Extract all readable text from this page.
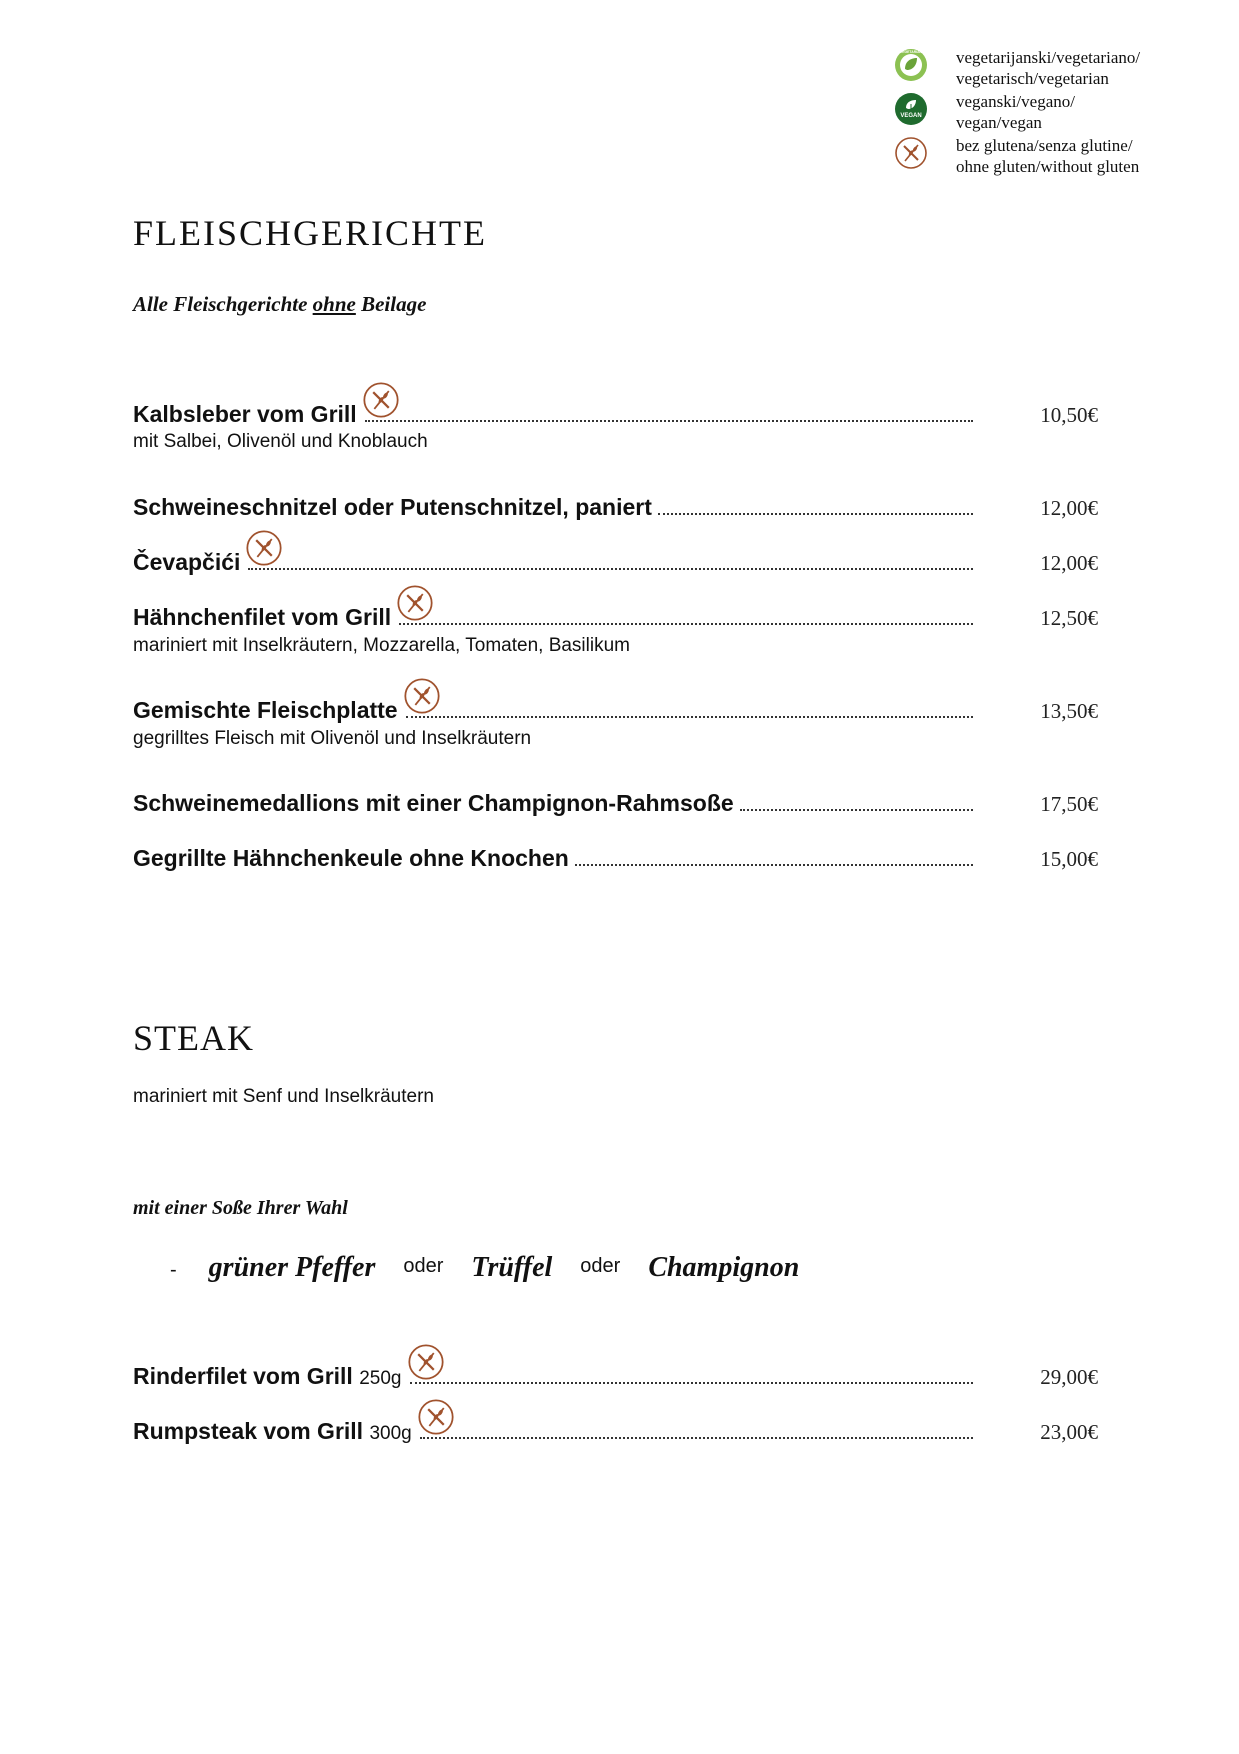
VEGETARIAN vegetarijanski/vegetariano/
vegetarisch/vegetarian
VEGAN
veganski/vegano/
vegan/vegan
bez glutena/senza glutine/
ohne gluten/without gluten
FLEISCHGERICHTE
Alle Fleischgerichte ohne Beilage
Kalbsleber vom Grill	10,50€
mit Salbei, Olivenöl und Knoblauch
Schweineschnitzel oder Putenschnitzel, paniert	12,00€
Čevapčići	12,00€
Hähnchenfilet vom Grill	12,50€
mariniert mit Inselkräutern, Mozzarella, Tomaten, Basilikum
Gemischte Fleischplatte	13,50€
gegrilltes Fleisch mit Olivenöl und Inselkräutern
Schweinemedallions mit einer Champignon-Rahmsoße	17,50€
Gegrillte Hähnchenkeule ohne Knochen	15,00€
STEAK
mariniert mit Senf und Inselkräutern
mit einer Soße Ihrer Wahl
- grüner Pfeffer oder Trüffel oder Champignon
Rinderfilet vom Grill 250g	29,00€
Rumpsteak vom Grill 300g	23,00€
